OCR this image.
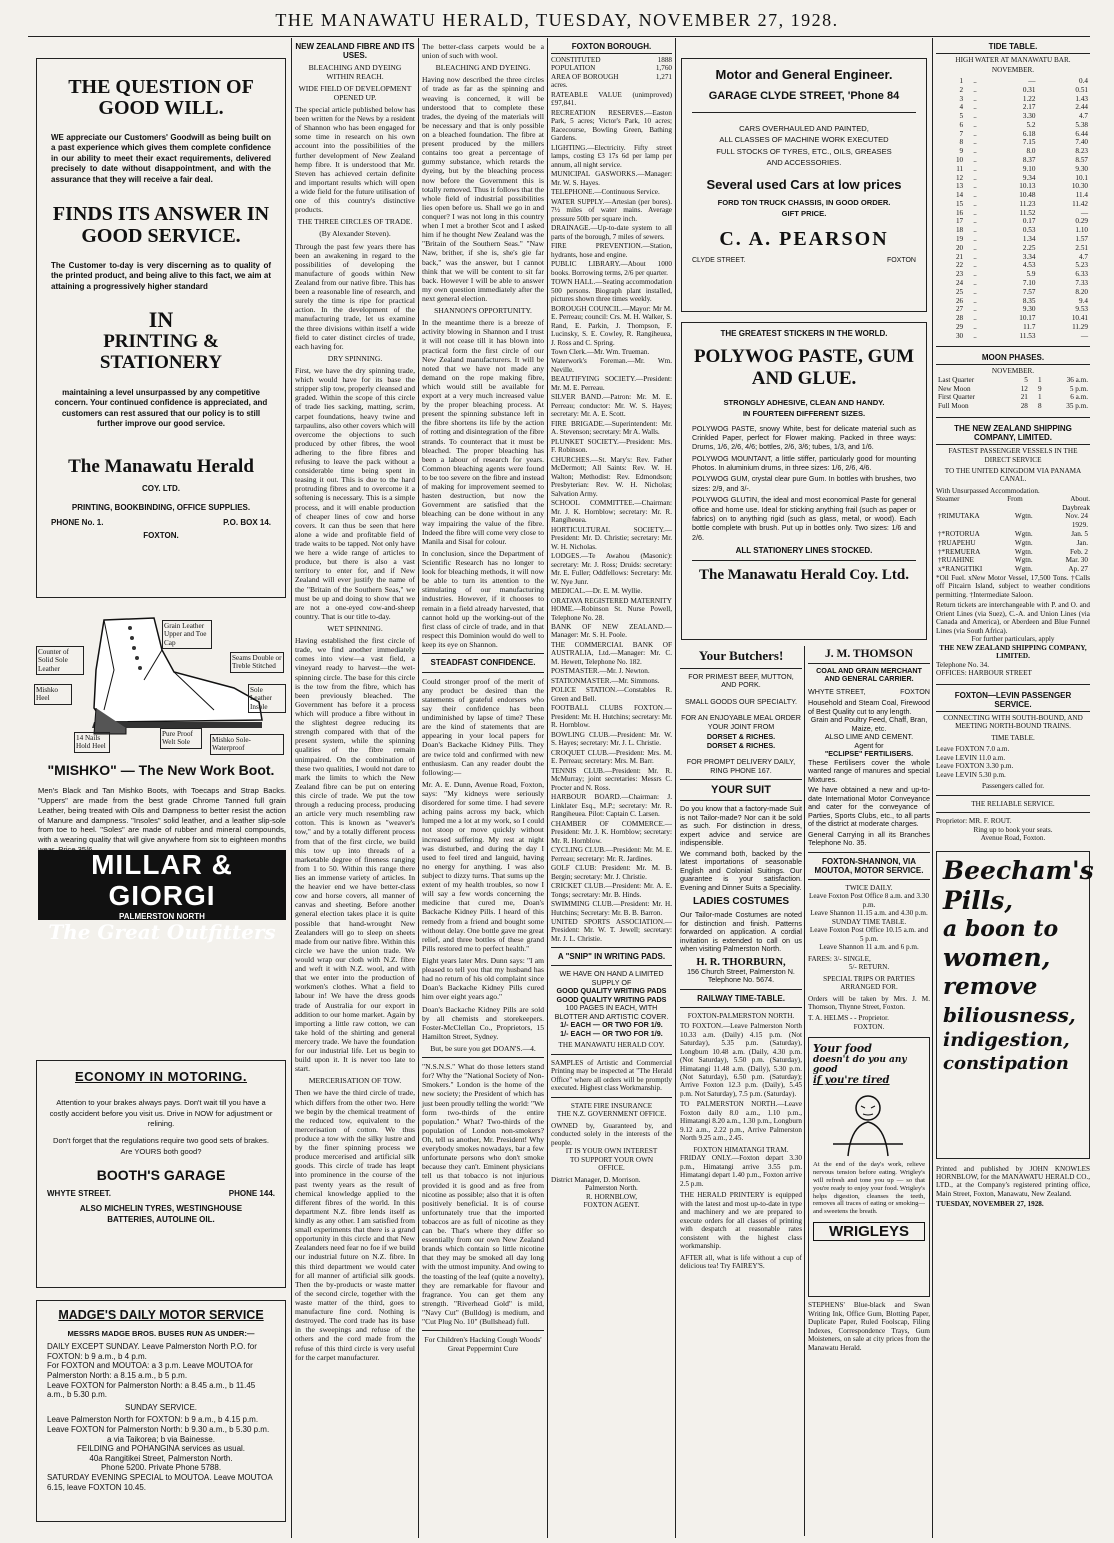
THE MANAWATU HERALD, TUESDAY, NOVEMBER 27, 1928.
THE QUESTION OF GOOD WILL.
WE appreciate our Customers' Goodwill as being built on a past experience which gives them complete confidence in our ability to meet their exact requirements, delivered precisely to date without disappointment, and with the assurance that they will receive a fair deal.
FINDS ITS ANSWER IN GOOD SERVICE.
The Customer to-day is very discerning as to quality of the printed product, and being alive to this fact, we aim at attaining a progressively higher standard
IN
PRINTING & STATIONERY
maintaining a level unsurpassed by any competitive concern. Your continued confidence is appreciated, and customers can rest assured that our policy is to still further improve our good service.
The Manawatu Herald
COY. LTD.
PRINTING, BOOKBINDING, OFFICE SUPPLIES.
PHONE No. 1.	P.O. BOX 14.
FOXTON.
Grain Leather Upper and Toe Cap
Counter of Solid Sole Leather
Seams Double or Treble Stitched
Mishko Heel
Sole Leather Insole
14 Nails Hold Heel
Pure Proof Welt Sole	Mishko Sole-Waterproof
"MISHKO" — The New Work Boot.
Men's Black and Tan Mishko Boots, with Toecaps and Strap Backs. "Uppers" are made from the best grade Chrome Tanned full grain Leather, being treated with Oils and Dampness to better resist the action of Manure and dampness. "Insoles" solid leather, and a leather slip-sole from toe to heel. "Soles" are made of rubber and mineral compounds, with a wearing quality that will give anywhere from six to eighteen months
MILLAR & GIORGI
PALMERSTON NORTH
The Great Outfitters
ECONOMY IN MOTORING.
Attention to your brakes always pays. Don't wait till you have a costly accident before you visit us. Drive in NOW for adjustment or relining.
Don't forget that the regulations require two good sets of brakes. Are YOURS both good?
BOOTH'S GARAGE
WHYTE STREET.	PHONE 144.
ALSO MICHELIN TYRES, WESTINGHOUSE
BATTERIES, AUTOLINE OIL.
MADGE'S DAILY MOTOR SERVICE
MESSRS MADGE BROS. BUSES RUN AS UNDER:—
DAILY EXCEPT SUNDAY. Leave Palmerston North P.O. for FOXTON: b 9 a.m., b 4 p.m.
For FOXTON and MOUTOA: a 3 p.m. Leave MOUTOA for Palmerston North: a 8.15 a.m., b 5 p.m.
Leave FOXTON for Palmerston North: a 8.45 a.m., b 11.45 a.m., b 5.30 p.m.
SUNDAY SERVICE.
Leave Palmerston North for FOXTON: b 9 a.m., b 4.15 p.m.
Leave FOXTON for Palmerston North: b 9.30 a.m., b 5.30 p.m.
a via Taikorea; b via Bainesse.
FEILDING and POHANGINA services as usual.
40a Rangitikei Street, Palmerston North.
Phone 5200. Private Phone 5788.
SATURDAY EVENING SPECIAL to MOUTOA. Leave MOUTOA 6.15, leave FOXTON 10.45.
NEW ZEALAND FIBRE AND ITS USES.
BLEACHING AND DYEING WITHIN REACH.
WIDE FIELD OF DEVELOPMENT OPENED UP.

The special article published below has been written for the News by a resident of Shannon who has been engaged for some time in research on his own account into the possibilities of the further development of New Zealand hemp fibre. It is understood that Mr. Steven has achieved certain definite and important results which will open a wide field for the future utilisation of one of this country's distinctive products.

THE THREE CIRCLES OF TRADE.
(By Alexander Steven).

Through the past few years there has been an awakening in regard to the possibilities of developing the manufacture of goods within New Zealand from our native fibre. This has been a reasonable line of research, and surely the time is ripe for practical action. In the development of the manufacturing trade, let us examine the three divisions within itself a wide field to cater distinct circles of trade, each having for.

DRY SPINNING.

First, we have the dry spinning trade, which would have for its base the stripper slip tow, properly cleansed and graded. Within the scope of this circle of trade lies sacking, matting, scrim, carpet foundations, heavy twine and tarpaulins, also other covers which will overcome the objections to such produced by other fibres, the wool adhering to the fibre fibres and refusing to leave the pack without a considerable time being spent in teasing it out. This is due to the hard protruding fibres and to overcome it a softening is necessary. This is a simple process, and it will enable production of cheaper lines of cow and horse covers. It can thus be seen that here alone a wide and profitable field of trade waits to be tapped. Not only have we here a wide range of articles to produce, but there is also a vast territory to enter for, and if New Zealand will ever justify the name of the "Britain of the Southern Seas," we must be up and doing to show that we are not a one-eyed cow-and-sheep country. That is our title to-day.

WET SPINNING.

Having established the first circle of trade, we find another immediately comes into view—a vast field, a vineyard ready to harvest—the wet-spinning circle. The base for this circle is the tow from the fibre, which has been previously bleached. The Government has before it a process which will produce a fibre without in the slightest degree reducing its strength compared with that of the present system, while the spinning qualities of the fibre remain unimpaired. On the combination of these two qualities, I would not dare to mark the limits to which the New Zealand fibre can be put on entering this circle of trade. We put the tow through a reducing process, producing an article very much resembling raw cotton. This is known as "weaver's tow," and by a totally different process from that of the first circle, we build this tow up into threads of a marketable degree of fineness ranging from 1 to 50. Within this range there lies an immense variety of articles. In the heavier end we have better-class cow and horse covers, all manner of canvas and sheeting. Before another general election takes place it is quite possible that hand-wrought New Zealanders will go to sleep on sheets made from our native fibre. Within this circle we have the union trade. We would wrap our cloth with N.Z. fibre and weft it with N.Z. wool, and with that we enter into the production of workmen's clothes. What a field to labour in! We have the dress goods trade of Australia for our export in addition to our home market. Again by importing a little raw cotton, we can take hold of the shirting and general mercery trade. We have the foundation for our industrial life. Let us begin to build upon it. It is never too late to start.

MERCERISATION OF TOW.

Then we have the third circle of trade, which differs from the other two. Here we begin by the chemical treatment of the reduced tow, equivalent to the mercerisation of cotton. We thus produce a tow with the silky lustre and by the finer spinning process we produce mercerised and artificial silk goods. This circle of trade has leapt into prominence in the course of the past twenty years as the result of chemical knowledge applied to the different fibres of the world. In this department N.Z. fibre lends itself as kindly as any other. I am satisfied from small experiments that there is a grand opportunity in this circle and that New Zealanders need fear no foe if we build our industrial future on N.Z. fibre. In this third department we would cater for all manner of artificial silk goods. Then the by-products or waste matter of the second circle, together with the waste matter of the third, goes to manufacture fine cord. Nothing is destroyed. The cord trade has its base in the sweepings and refuse of the others and the cord made from the refuse of this third circle is very useful for the carpet manufacturer.

The better-class carpets would be a union of such with wool.

BLEACHING AND DYEING.

Having now described the three circles of trade as far as the spinning and weaving is concerned, it will be understood that to complete these trades, the dyeing of the materials will be necessary and that is only possible on a bleached foundation. The fibre at present produced by the millers contains too great a percentage of gummy substance, which retards the dyeing, but by the bleaching process now before the Government this is totally removed. Thus it follows that the whole field of industrial possibilities lies open before us. Shall we go in and conquer? I was not long in this country when I met a brother Scot and I asked him if he thought New Zealand was the "Britain of the Southern Seas." "Naw Naw, brither, if she is, she's gie far back," was the answer, but I cannot think that we will be content to sit far back. However I will be able to answer my own question immediately after the next general election.

SHANNON'S OPPORTUNITY.

In the meantime there is a breeze of activity blowing in Shannon and I trust it will not cease till it has blown into practical form the first circle of our New Zealand manufacturers. It will be noted that we have not made any demand on the rope making fibre, which would still be available for export at a very much increased value by the proper bleaching process. At present the spinning substance left in the fibre shortens its life by the action of rotting and disintegration of the fibre strands. To counteract that it must be bleached. The proper bleaching has been a labour of research for years. Common bleaching agents were found to be too severe on the fibre and instead of making for improvement seemed to hasten destruction, but now the Government are satisfied that the bleaching can be done without in any way impairing the value of the fibre. Indeed the fibre will come very close to Manila and Sisal for colour.

In conclusion, since the Department of Scientific Research has no longer to look for bleaching methods, it will now be able to turn its attention to the stimulating of our manufacturing industries. However, if it chooses to remain in a field already harvested, that cannot hold up the working-out of the first class of circle of trade, and in that respect this Dominion would do well to keep its eye on Shannon.

STEADFAST CONFIDENCE.

Could stronger proof of the merit of any product be desired than the statements of grateful endorsers who say their confidence has been undiminished by lapse of time? These are the kind of statements that are appearing in your local papers for Doan's Backache Kidney Pills. They are twice told and confirmed with new enthusiasm. Can any reader doubt the following:—

Mr. A. E. Dunn, Avenue Road, Foxton, says: "My kidneys were seriously disordered for some time. I had severe aching pains across my back, which lumped me a lot at my work, so I could not stoop or move quickly without increased suffering. My rest at night was disturbed, and during the day I used to feel tired and languid, having no energy for anything. I was also subject to dizzy turns. That sums up the extent of my health troubles, so now I will say a few words concerning the medicine that cured me, Doan's Backache Kidney Pills. I heard of this remedy from a friend and bought some without delay. One bottle gave me great relief, and three bottles of these grand Pills restored me to perfect health."

Eight years later Mrs. Dunn says: "I am pleased to tell you that my husband has had no return of his old complaint since Doan's Backache Kidney Pills cured him over eight years ago."

Doan's Backache Kidney Pills are sold by all chemists and storekeepers. Foster-McClellan Co., Proprietors, 15 Hamilton Street, Sydney.

But, be sure you get DOAN'S.—4.

"N.S.N.S." What do those letters stand for? Why the "National Society of Non-Smokers." London is the home of the new society; the President of which has just been proudly telling the world: "We form two-thirds of the entire population." What? Two-thirds of the population of London non-smokers? Oh, tell us another, Mr. President! Why everybody smokes nowadays, bar a few unfortunate persons who don't smoke because they can't. Eminent physicians tell us that tobacco is not injurious provided it is good and as free from nicotine as possible; also that it is often positively beneficial. It is of course unfortunately true that the imported tobaccos are as full of nicotine as they can be. That's where they differ so essentially from our own New Zealand brands which contain so little nicotine that they may be smoked all day long with the utmost impunity. And owing to the toasting of the leaf (quite a novelty), they are remarkable for flavour and fragrance. You can get them any strength. "Riverhead Gold" is mild, "Navy Cut" (Bulldog) is medium, and "Cut Plug No. 10" (Bullshead) full.

For Children's Hacking Cough Woods' Great Peppermint Cure

FOXTON BOROUGH.
CONSTITUTED	1888
POPULATION	1,760
AREA OF BOROUGH	1,271
acres.
RATEABLE VALUE (unimproved) £97,841.
RECREATION RESERVES.—Easton Park, 5 acres; Victor's Park, 10 acres; Racecourse, Bowling Green, Bathing Gardens.
LIGHTING.—Electricity. Fifty street lamps, costing £3 17s 6d per lamp per annum, all night service.
MUNICIPAL GASWORKS.—Manager: Mr. W. S. Hayes.
TELEPHONE.—Continuous Service.
WATER SUPPLY.—Artesian (per bores). 7½ miles of water mains. Average pressure 50lb per square inch.
DRAINAGE.—Up-to-date system to all parts of the borough, 7 miles of sewers.
FIRE PREVENTION.—Station, hydrants, hose and engine.
PUBLIC LIBRARY.—About 1000 books. Borrowing terms, 2/6 per quarter.
TOWN HALL.—Seating accommodation 500 persons. Biograph plant installed, pictures shown three times weekly.
BOROUGH COUNCIL.—Mayor: Mr M. E. Perreau; council: Crs. M. H. Walker, S. Rand, E. Parkin, J. Thompson, F. Lucinsky, S. E. Cowley, R. Rangiheuea, J. Ross and C. Spring.
Town Clerk.—Mr. Wm. Trueman.
Waterwork's Foreman.—Mr. Wm. Neville.
BEAUTIFYING SOCIETY.—President: Mr. M. E. Perreau.
SILVER BAND.—Patron: Mr. M. E. Perreau; conductor: Mr. W. S. Hayes; secretary: Mr. A. E. Scott.
FIRE BRIGADE.—Superintendent: Mr. A. Stevenson; secretary: Mr A. Walls.
PLUNKET SOCIETY.—President: Mrs. F. Robinson.
CHURCHES.—St. Mary's: Rev. Father McDermott; All Saints: Rev. W. H. Walton; Methodist: Rev. Edmondson; Presbyterian: Rev. W. H. Nicholas; Salvation Army.
SCHOOL COMMITTEE.—Chairman: Mr. J. K. Hornblow; secretary: Mr. R. Rangiheuea.
HORTICULTURAL SOCIETY.—President: Mr. D. Christie; secretary: Mr. W. H. Nicholas.
LODGES.—Te Awahou (Masonic): secretary: Mr. J. Ross; Druids: secretary: Mr. E. Fuller; Oddfellows: Secretary: Mr. W. Nye Junr.
MEDICAL.—Dr. E. M. Wyllie.
ORATAVA REGISTERED MATERNITY HOME.—Robinson St. Nurse Powell, Telephone No. 28.
BANK OF NEW ZEALAND.—Manager: Mr. S. H. Poole.
THE COMMERCIAL BANK OF AUSTRALIA, Ltd.—Manager: Mr. C. M. Hewett, Telephone No. 182.
POSTMASTER.—Mr. J. Newton.
STATIONMASTER.—Mr. Simmons.
POLICE STATION.—Constables R. Green and Bell.
FOOTBALL CLUBS FOXTON.—President: Mr. H. Hutchins; secretary: Mr. R. Hornblow.
BOWLING CLUB.—President: Mr. W. S. Hayes; secretary: Mr. J. L. Christie.
CROQUET CLUB.—President: Mrs. M. E. Perreau; secretary: Mrs. M. Barr.
TENNIS CLUB.—President: Mr. R. McMurray; joint secretaries: Messrs C. Procter and N. Ross.
HARBOUR BOARD.—Chairman: J. Linklater Esq., M.P.; secretary: Mr. R. Rangiheuea. Pilot: Captain C. Larsen.
CHAMBER OF COMMERCE.—President: Mr. J. K. Hornblow; secretary: Mr. R. Hornblow.
CYCLING CLUB.—President: Mr. M. E. Perreau; secretary: Mr. R. Jardines.
GOLF CLUB: President: Mr. M. B. Bergin; secretary: Mr. J. Christie.
CRICKET CLUB.—President: Mr. A. E. Tongs; secretary: Mr. B. Hinds.
SWIMMING CLUB.—President: Mr. H. Hutchins; Secretary: Mr. B. B. Barron.
UNITED SPORTS ASSOCIATION.—President: Mr. W. T. Jewell; secretary: Mr. J. L. Christie.
A "SNIP" IN WRITING PADS.
WE HAVE ON HAND A LIMITED SUPPLY OF
GOOD QUALITY WRITING PADS
GOOD QUALITY WRITING PADS
100 PAGES IN EACH, WITH BLOTTER AND ARTISTIC COVER.
1/- EACH — OR TWO FOR 1/9.
1/- EACH — OR TWO FOR 1/9.
THE MANAWATU HERALD COY.
SAMPLES of Artistic and Commercial Printing may be inspected at "The Herald Office" where all orders will be promptly executed. Highest class Workmanship.
STATE FIRE INSURANCE
THE N.Z. GOVERNMENT OFFICE.
OWNED by, Guaranteed by, and conducted solely in the interests of the people.
IT IS YOUR OWN INTEREST
TO SUPPORT YOUR OWN
OFFICE.
District Manager, D. Morrison.
Palmerston North.
R. HORNBLOW,
FOXTON AGENT.
Motor and General Engineer.
GARAGE CLYDE STREET, 'Phone 84
CARS OVERHAULED AND PAINTED,
ALL CLASSES OF MACHINE WORK EXECUTED
FULL STOCKS OF TYRES, ETC., OILS, GREASES
AND ACCESSORIES.
Several used Cars at low prices
FORD TON TRUCK CHASSIS, IN GOOD ORDER.
GIFT PRICE.
C. A. PEARSON
CLYDE STREET.	FOXTON
THE GREATEST STICKERS IN THE WORLD.
POLYWOG PASTE, GUM AND GLUE.
STRONGLY ADHESIVE, CLEAN AND HANDY.
IN FOURTEEN DIFFERENT SIZES.
POLYWOG PASTE, snowy White, best for delicate material such as Crinkled Paper, perfect for Flower making. Packed in three ways: Drums, 1/6, 2/6, 4/6; bottles, 2/6, 3/6; tubes, 1/3, and 1/6.
POLYWOG MOUNTANT, a little stiffer, particularly good for mounting Photos. In aluminium drums, in three sizes: 1/6, 2/6, 4/6.
POLYWOG GUM, crystal clear pure Gum. In bottles with brushes, two sizes: 2/9, and 3/-.
POLYWOG GLUTIN, the ideal and most economical Paste for general office and home use. Ideal for sticking anything frail (such as paper or fabrics) on to anything rigid (such as glass, metal, or wood). Each bottle complete with brush. Put up in bottles only. Two sizes: 1/6 and 2/6.
ALL STATIONERY LINES STOCKED.
The Manawatu Herald Coy. Ltd.
Your Butchers!
FOR PRIMEST BEEF, MUTTON, AND PORK.
SMALL GOODS OUR SPECIALTY.
FOR AN ENJOYABLE MEAL ORDER YOUR JOINT FROM
DORSET & RICHES.
DORSET & RICHES.
FOR PROMPT DELIVERY DAILY, RING PHONE 167.
YOUR SUIT
Do you know that a factory-made Suit is not Tailor-made? Nor can it be sold as such. For distinction in dress, expert advice and service are indispensible.
We command both, backed by the latest importations of seasonable English and Colonial Suitings. Our guarantee is your satisfaction. Evening and Dinner Suits a Speciality.
LADIES COSTUMES
Our Tailor-made Costumes are noted for distinction and finish. Patterns forwarded on application. A cordial invitation is extended to call on us when visiting Palmerston North.
H. R. THORBURN,
156 Church Street, Palmerston N.
Telephone No. 5674.
RAILWAY TIME-TABLE.
FOXTON-PALMERSTON NORTH.
TO FOXTON.—Leave Palmerston North 10.33 a.m. (Daily) 4.15 p.m. (Not Saturday), 5.35 p.m. (Saturday), Longburn 10.48 a.m. (Daily, 4.30 p.m. (Not Saturday), 5.50 p.m. (Saturday), Himatangi 11.48 a.m. (Daily), 5.30 p.m. (Not Saturday), 6.50 p.m. (Saturday); Arrive Foxton 12.3 p.m. (Daily), 5.45 p.m. Not Saturday), 7.5 p.m. (Saturday).
TO PALMERSTON NORTH.—Leave Foxton daily 8.0 a.m., 1.10 p.m., Himatangi 8.20 a.m., 1.30 p.m., Longburn 9.12 a.m., 2.22 p.m., Arrive Palmerston North 9.25 a.m., 2.45.
FOXTON HIMATANGI TRAM.
FRIDAY ONLY.—Foxton depart 3.30 p.m., Himatangi arrive 3.55 p.m. Himatangi depart 1.40 p.m., Foxton arrive 2.5 p.m.
THE HERALD PRINTERY is equipped with the latest and most up-to-date in type and machinery and we are prepared to execute orders for all classes of printing with despatch at reasonable rates consistent with the highest class workmanship.
AFTER all, what is life without a cup of delicious tea! Try FAIREY'S.
J. M. THOMSON
COAL AND GRAIN MERCHANT AND GENERAL CARRIER.
WHYTE STREET,	FOXTON
Household and Steam Coal, Firewood of Best Quality cut to any length.
Grain and Poultry Feed, Chaff, Bran, Maize, etc.
ALSO LIME AND CEMENT.
Agent for
"ECLIPSE" FERTILISERS.
These Fertilisers cover the whole wanted range of manures and special Mixtures.
We have obtained a new and up-to-date International Motor Conveyance and cater for the conveyance of Parties, Sports Clubs, etc., to all parts of the district at moderate charges.
General Carrying in all its Branches Telephone No. 35.
FOXTON-SHANNON, VIA MOUTOA, MOTOR SERVICE.
TWICE DAILY.
Leave Foxton Post Office 8 a.m. and 3.30 p.m.
Leave Shannon 11.15 a.m. and 4.30 p.m.
SUNDAY TIME TABLE.
Leave Foxton Post Office 10.15 a.m. and 5 p.m.
Leave Shannon 11 a.m. and 6 p.m.
FARES: 3/- SINGLE,
5/- RETURN.
SPECIAL TRIPS OR PARTIES ARRANGED FOR.
Orders will be taken by Mrs. J. M. Thomson, Thynne Street, Foxton.
T. A. HELMS - - Proprietor.
FOXTON.
Your food
doesn't do you any good
if you're tired
At the end of the day's work, relieve nervous tension before eating. Wrigley's will refresh and tone you up — so that you're ready to enjoy your food. Wrigley's helps digestion, cleanses the teeth, removes all traces of eating or smoking—and sweetens the breath.
WRIGLEYS
STEPHENS' Blue-black and Swan Writing Ink, Office Gum, Blotting Paper, Duplicate Paper, Ruled Foolscap, Filing Indexes, Correspondence Trays, Gum Moisteners, on sale at city prices from the Manawatu Herald.
TIDE TABLE.
HIGH WATER AT MANAWATU BAR.
NOVEMBER.
1	..	—	0.4
2	..	0.31	0.51
3	..	1.22	1.43
4	..	2.17	2.44
5	..	3.30	4.7
6	..	5.2	5.38
7	..	6.18	6.44
8	..	7.15	7.40
9	..	8.0	8.23
10	..	8.37	8.57
11	..	9.10	9.30
12	..	9.34	10.1
13	..	10.13	10.30
14	..	10.48	11.4
15	..	11.23	11.42
16	..	11.52	—
17	..	0.17	0.29
18	..	0.53	1.10
19	..	1.34	1.57
20	..	2.25	2.51
21	..	3.34	4.7
22	..	4.53	5.23
23	..	5.9	6.33
24	..	7.10	7.33
25	..	7.57	8.20
26	..	8.35	9.4
27	..	9.30	9.53
28	..	10.17	10.41
29	..	11.7	11.29
30	..	11.53	—
MOON PHASES.
NOVEMBER.
Last Quarter	5	1	36 a.m.
New Moon	12	9	5 p.m.
First Quarter	21	1	6 a.m.
Full Moon	28	8	35 p.m.
THE NEW ZEALAND SHIPPING COMPANY, LIMITED.
FASTEST PASSENGER VESSELS IN THE DIRECT SERVICE
TO THE UNITED KINGDOM VIA PANAMA CANAL.
With Unsurpassed Accommodation.
Steamer	From	About.
Daybreak
†RIMUTAKA	Wgtn.	Nov. 24
		1929.
†*ROTORUA	Wgtn.	Jan. 5
†RUAPEHU	Wgtn.	Jan.
†*REMUERA	Wgtn.	Feb. 2
†RUAHINE	Wgtn.	Mar. 30
x*RANGITIKI	Wgtn.	Ap. 27
*Oil Fuel. xNew Motor Vessel, 17,500 Tons. †Calls off Pitcairn Island, subject to weather conditions permitting. †Intermediate Saloon.
Return tickets are interchangeable with P. and O. and Orient Lines (via Suez), C.-A. and Union Lines (via Canada and America), or Aberdeen and Blue Funnel Lines (via South Africa).
For further particulars, apply
THE NEW ZEALAND SHIPPING COMPANY, LIMITED.
Telephone No. 34.
OFFICES: HARBOUR STREET
FOXTON—LEVIN PASSENGER SERVICE.
CONNECTING WITH SOUTH-BOUND, AND MEETING NORTH-BOUND TRAINS.
TIME TABLE.
Leave FOXTON 7.0 a.m.
Leave LEVIN 11.0 a.m.
Leave FOXTON 3.30 p.m.
Leave LEVIN 5.30 p.m.
Passengers called for.
THE RELIABLE SERVICE.
Proprietor: MR. F. ROUT.
Ring up to book your seats.
Avenue Road, Foxton.
Beecham's
Pills,
a boon to
women,
remove
biliousness,
indigestion,
constipation
Printed and published by JOHN KNOWLES HORNBLOW, for the MANAWATU HERALD CO., LTD., at the Company's registered printing office, Main Street, Foxton, Manawatu, New Zealand.
TUESDAY, NOVEMBER 27, 1928.
